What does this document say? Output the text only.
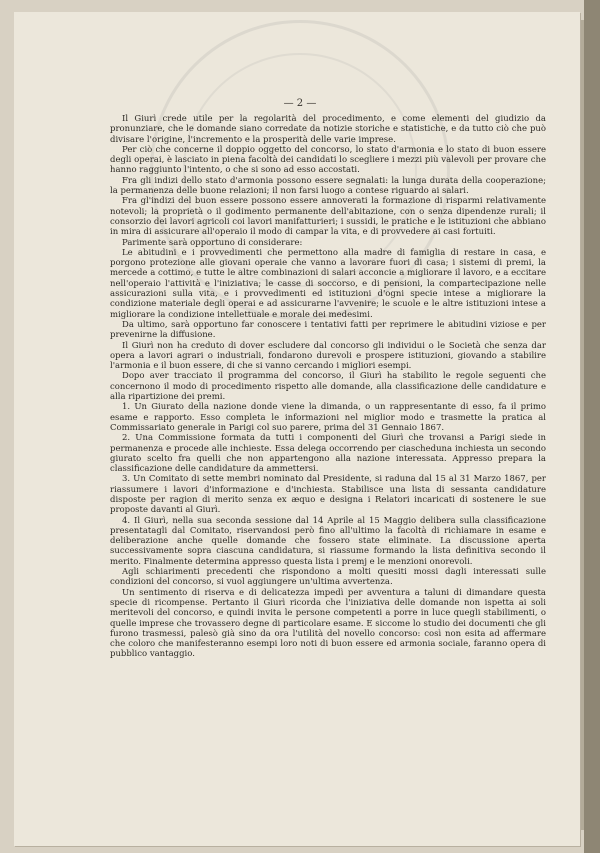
— 2 —

Il Giurì crede utile per la regolarità del procedimento, e come elementi del giudizio da pronunziare, che le domande siano corredate da notizie storiche e statistiche, e da tutto ciò che può divisare l'origine, l'incremento e la prosperità delle varie imprese.

Per ciò che concerne il doppio oggetto del concorso, lo stato d'armonia e lo stato di buon essere degli operai, è lasciato in piena facoltà dei candidati lo scegliere i mezzi più valevoli per provare che hanno raggiunto l'intento, o che si sono ad esso accostati.

Fra gli indizi dello stato d'armonia possono essere segnalati: la lunga durata della cooperazione; la permanenza delle buone relazioni; il non farsi luogo a contese riguardo ai salari.

Fra gl'indizi del buon essere possono essere annoverati la formazione di risparmi relativamente notevoli; la proprietà o il godimento permanente dell'abitazione, con o senza dipendenze rurali; il consorzio dei lavori agricoli coi lavori manifatturieri; i sussidi, le pratiche e le istituzioni che abbiano in mira di assicurare all'operaio il modo di campar la vita, e di provvedere ai casi fortuiti.

Parimente sarà opportuno di considerare:

Le abitudini e i provvedimenti che permettono alla madre di famiglia di restare in casa, e porgono protezione alle giovani operaie che vanno a lavorare fuori di casa; i sistemi di premi, la mercede a cottimo, e tutte le altre combinazioni di salari acconcie a migliorare il lavoro, e a eccitare nell'operaio l'attività e l'iniziativa; le casse di soccorso, e di pensioni, la compartecipazione nelle assicurazioni sulla vita, e i provvedimenti ed istituzioni d'ogni specie intese a migliorare la condizione materiale degli operai e ad assicurarne l'avvenire; le scuole e le altre istituzioni intese a migliorare la condizione intellettuale e morale dei medesimi.

Da ultimo, sarà opportuno far conoscere i tentativi fatti per reprimere le abitudini viziose e per prevenirne la diffusione.

Il Giurì non ha creduto di dover escludere dal concorso gli individui o le Società che senza dar opera a lavori agrari o industriali, fondarono durevoli e prospere istituzioni, giovando a stabilire l'armonia e il buon essere, di che si vanno cercando i migliori esempi.

Dopo aver tracciato il programma del concorso, il Giurì ha stabilito le regole seguenti che concernono il modo di procedimento rispetto alle domande, alla classificazione delle candidature e alla ripartizione dei premi.

1. Un Giurato della nazione donde viene la dimanda, o un rappresentante di esso, fa il primo esame e rapporto. Esso completa le informazioni nel miglior modo e trasmette la pratica al Commissariato generale in Parigi col suo parere, prima del 31 Gennaio 1867.

2. Una Commissione formata da tutti i componenti del Giurì che trovansi a Parigi siede in permanenza e procede alle inchieste. Essa delega occorrendo per ciascheduna inchiesta un secondo giurato scelto fra quelli che non appartengono alla nazione interessata. Appresso prepara la classificazione delle candidature da ammettersi.

3. Un Comitato di sette membri nominato dal Presidente, si raduna dal 15 al 31 Marzo 1867, per riassumere i lavori d'informazione e d'inchiesta. Stabilisce una lista di sessanta candidature disposte per ragion di merito senza ex æquo e designa i Relatori incaricati di sostenere le sue proposte davanti al Giurì.

4. Il Giurì, nella sua seconda sessione dal 14 Aprile al 15 Maggio delibera sulla classificazione presentatagli dal Comitato, riservandosi però fino all'ultimo la facoltà di richiamare in esame e deliberazione anche quelle domande che fossero state eliminate. La discussione aperta successivamente sopra ciascuna candidatura, si riassume formando la lista definitiva secondo il merito. Finalmente determina appresso questa lista i premj e le menzioni onorevoli.

Agli schiarimenti precedenti che rispondono a molti quesiti mossi dagli interessati sulle condizioni del concorso, si vuol aggiungere un'ultima avvertenza.

Un sentimento di riserva e di delicatezza impedì per avventura a taluni di dimandare questa specie di ricompense. Pertanto il Giurì ricorda che l'iniziativa delle domande non ispetta ai soli meritevoli del concorso, e quindi invita le persone competenti a porre in luce quegli stabilimenti, o quelle imprese che trovassero degne di particolare esame. E siccome lo studio dei documenti che gli furono trasmessi, palesò già sino da ora l'utilità del novello concorso: così non esita ad affermare che coloro che manifesteranno esempi loro noti di buon essere ed armonia sociale, faranno opera di pubblico vantaggio.
